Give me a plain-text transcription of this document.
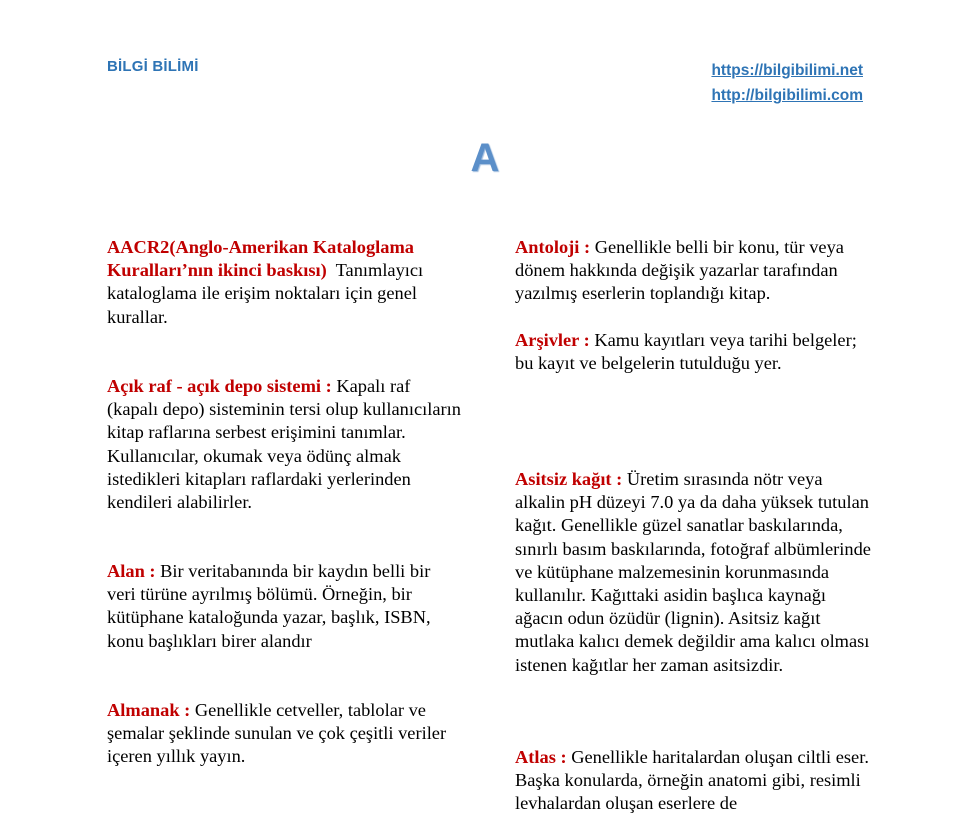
BİLGİ BİLİMİ	https://bilgibilimi.net
http://bilgibilimi.com
A
AACR2(Anglo-Amerikan Kataloglama Kuralları’nın ikinci baskısı) Tanımlayıcı kataloglama ile erişim noktaları için genel kurallar.
Açık raf - açık depo sistemi : Kapalı raf (kapalı depo) sisteminin tersi olup kullanıcıların kitap raflarına serbest erişimini tanımlar. Kullanıcılar, okumak veya ödünç almak istedikleri kitapları raflardaki yerlerinden kendileri alabilirler.
Alan : Bir veritabanında bir kaydın belli bir veri türüne ayrılmış bölümü. Örneğin, bir kütüphane kataloğunda yazar, başlık, ISBN, konu başlıkları birer alandır
Almanak : Genellikle cetveller, tablolar ve şemalar şeklinde sunulan ve çok çeşitli veriler içeren yıllık yayın.
Antoloji : Genellikle belli bir konu, tür veya dönem hakkında değişik yazarlar tarafından yazılmış eserlerin toplandığı kitap.
Arşivler : Kamu kayıtları veya tarihi belgeler; bu kayıt ve belgelerin tutulduğu yer.
Asitsiz kağıt : Üretim sırasında nötr veya alkalin pH düzeyi 7.0 ya da daha yüksek tutulan kağıt. Genellikle güzel sanatlar baskılarında, sınırlı basım baskılarında, fotoğraf albümlerinde ve kütüphane malzemesinin korunmasında kullanılır. Kağıttaki asidin başlıca kaynağı ağacın odun özüdür (lignin). Asitsiz kağıt mutlaka kalıcı demek değildir ama kalıcı olması istenen kağıtlar her zaman asitsizdir.
Atlas : Genellikle haritalardan oluşan ciltli eser. Başka konularda, örneğin anatomi gibi, resimli levhalardan oluşan eserlere de
